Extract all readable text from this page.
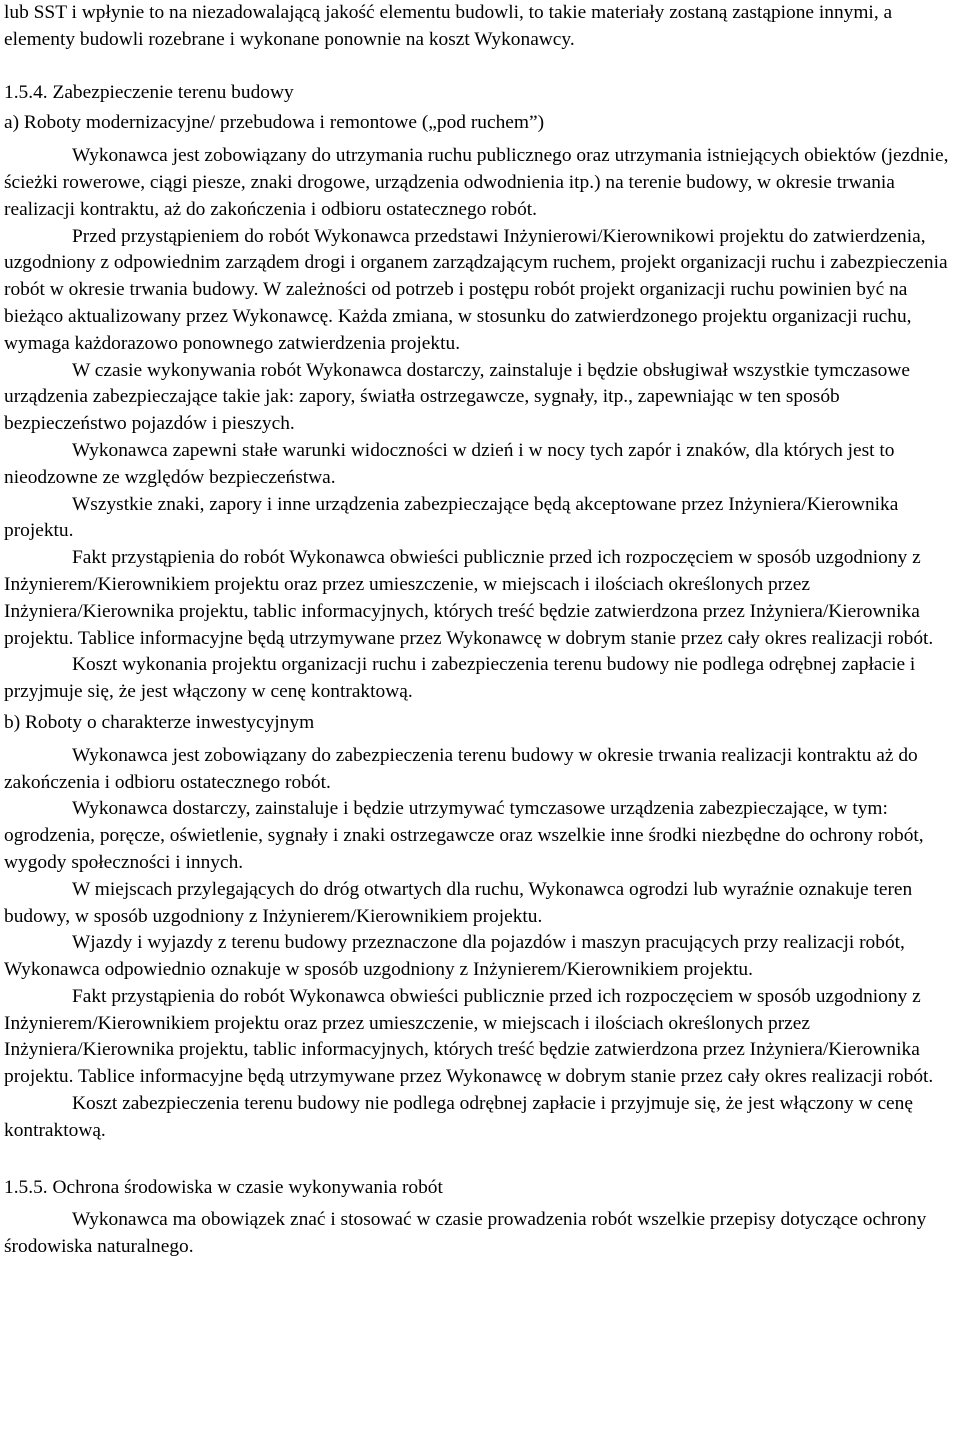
lub SST i wpłynie to na niezadowalającą jakość elementu budowli, to takie materiały zostaną zastąpione innymi, a elementy budowli rozebrane i wykonane ponownie na koszt Wykonawcy.

1.5.4. Zabezpieczenie terenu budowy

a) Roboty modernizacyjne/ przebudowa i remontowe („pod ruchem”)

Wykonawca jest zobowiązany do utrzymania ruchu publicznego oraz utrzymania istniejących obiektów (jezdnie, ścieżki rowerowe, ciągi piesze, znaki drogowe, urządzenia odwodnienia itp.) na terenie budowy, w okresie trwania realizacji kontraktu, aż do zakończenia i odbioru ostatecznego robót.

Przed przystąpieniem do robót Wykonawca przedstawi Inżynierowi/Kierownikowi projektu do zatwierdzenia, uzgodniony z odpowiednim zarządem drogi i organem zarządzającym ruchem, projekt organizacji ruchu i zabezpieczenia robót w okresie trwania budowy. W zależności od potrzeb i postępu robót projekt organizacji ruchu powinien być na bieżąco aktualizowany przez Wykonawcę. Każda zmiana, w stosunku do zatwierdzonego projektu organizacji ruchu, wymaga każdorazowo ponownego zatwierdzenia projektu.

W czasie wykonywania robót Wykonawca dostarczy, zainstaluje i będzie obsługiwał wszystkie tymczasowe urządzenia zabezpieczające takie jak: zapory, światła ostrzegawcze, sygnały, itp., zapewniając w ten sposób bezpieczeństwo pojazdów i pieszych.

Wykonawca zapewni stałe warunki widoczności w dzień i w nocy tych zapór i znaków, dla których jest to nieodzowne ze względów bezpieczeństwa.

Wszystkie znaki, zapory i inne urządzenia zabezpieczające będą akceptowane przez Inżyniera/Kierownika projektu.

Fakt przystąpienia do robót Wykonawca obwieści publicznie przed ich rozpoczęciem w sposób uzgodniony z Inżynierem/Kierownikiem projektu oraz przez umieszczenie, w miejscach i ilościach określonych przez Inżyniera/Kierownika projektu, tablic informacyjnych, których treść będzie zatwierdzona przez Inżyniera/Kierownika projektu. Tablice informacyjne będą utrzymywane przez Wykonawcę w dobrym stanie przez cały okres realizacji robót.

Koszt wykonania projektu organizacji ruchu i zabezpieczenia terenu budowy nie podlega odrębnej zapłacie i przyjmuje się, że jest włączony w cenę kontraktową.

b) Roboty o charakterze inwestycyjnym

Wykonawca jest zobowiązany do zabezpieczenia terenu budowy w okresie trwania realizacji kontraktu aż do zakończenia i odbioru ostatecznego robót.

Wykonawca dostarczy, zainstaluje i będzie utrzymywać tymczasowe urządzenia zabezpieczające, w tym: ogrodzenia, poręcze, oświetlenie, sygnały i znaki ostrzegawcze oraz wszelkie inne środki niezbędne do ochrony robót, wygody społeczności i innych.

W miejscach przylegających do dróg otwartych dla ruchu, Wykonawca ogrodzi lub wyraźnie oznakuje teren budowy, w sposób uzgodniony z Inżynierem/Kierownikiem projektu.

Wjazdy i wyjazdy z terenu budowy przeznaczone dla pojazdów i maszyn pracujących przy realizacji robót, Wykonawca odpowiednio oznakuje w sposób uzgodniony z Inżynierem/Kierownikiem projektu.

Fakt przystąpienia do robót Wykonawca obwieści publicznie przed ich rozpoczęciem w sposób uzgodniony z Inżynierem/Kierownikiem projektu oraz przez umieszczenie, w miejscach i ilościach określonych przez Inżyniera/Kierownika projektu, tablic informacyjnych, których treść będzie zatwierdzona przez Inżyniera/Kierownika projektu. Tablice informacyjne będą utrzymywane przez Wykonawcę w dobrym stanie przez cały okres realizacji robót.

Koszt zabezpieczenia terenu budowy nie podlega odrębnej zapłacie i przyjmuje się, że jest włączony w cenę kontraktową.

1.5.5. Ochrona środowiska w czasie wykonywania robót

Wykonawca ma obowiązek znać i stosować w czasie prowadzenia robót wszelkie przepisy dotyczące ochrony środowiska naturalnego.
